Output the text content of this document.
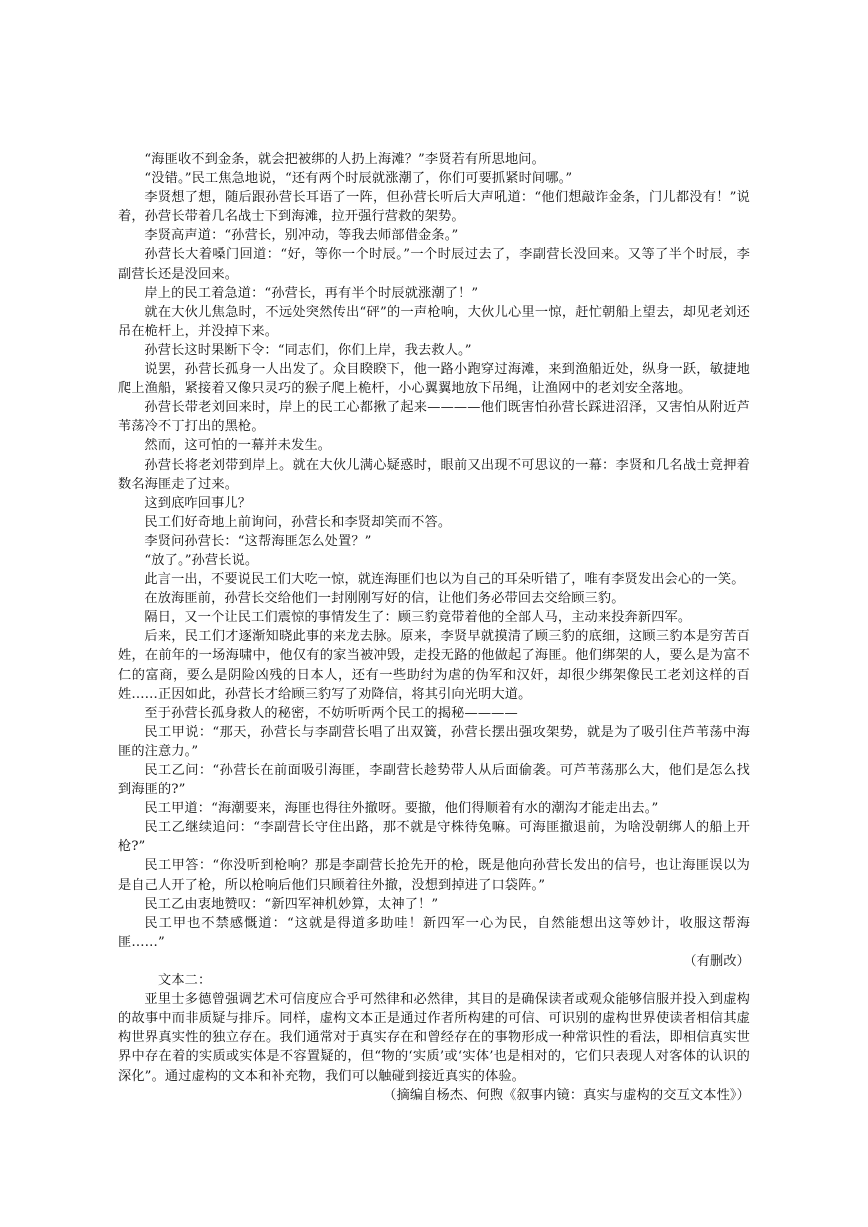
“海匪收不到金条，就会把被绑的人扔上海滩？”李贤若有所思地问。

“没错。”民工焦急地说，“还有两个时辰就涨潮了，你们可要抓紧时间哪。”

李贤想了想，随后跟孙营长耳语了一阵，但孙营长听后大声吼道：“他们想敲诈金条，门儿都没有！”说着，孙营长带着几名战士下到海滩，拉开强行营救的架势。

李贤高声道：“孙营长，别冲动，等我去师部借金条。”

孙营长大着嗓门回道：“好，等你一个时辰。”一个时辰过去了，李副营长没回来。又等了半个时辰，李副营长还是没回来。

岸上的民工着急道：“孙营长，再有半个时辰就涨潮了！”

就在大伙儿焦急时，不远处突然传出“砰”的一声枪响，大伙儿心里一惊，赶忙朝船上望去，却见老刘还吊在桅杆上，并没掉下来。

孙营长这时果断下令：“同志们，你们上岸，我去救人。”

说罢，孙营长孤身一人出发了。众目睽睽下，他一路小跑穿过海滩，来到渔船近处，纵身一跃，敏捷地爬上渔船，紧接着又像只灵巧的猴子爬上桅杆，小心翼翼地放下吊绳，让渔网中的老刘安全落地。

孙营长带老刘回来时，岸上的民工心都揪了起来————他们既害怕孙营长踩进沼泽，又害怕从附近芦苇荡冷不丁打出的黑枪。

然而，这可怕的一幕并未发生。

孙营长将老刘带到岸上。就在大伙儿满心疑惑时，眼前又出现不可思议的一幕：李贤和几名战士竟押着数名海匪走了过来。

这到底咋回事儿？

民工们好奇地上前询问，孙营长和李贤却笑而不答。

李贤问孙营长：“这帮海匪怎么处置？”

“放了。”孙营长说。

此言一出，不要说民工们大吃一惊，就连海匪们也以为自己的耳朵听错了，唯有李贤发出会心的一笑。

在放海匪前，孙营长交给他们一封刚刚写好的信，让他们务必带回去交给顾三豹。

隔日，又一个让民工们震惊的事情发生了：顾三豹竟带着他的全部人马，主动来投奔新四军。

后来，民工们才逐渐知晓此事的来龙去脉。原来，李贤早就摸清了顾三豹的底细，这顾三豹本是穷苦百姓，在前年的一场海啸中，他仅有的家当被冲毁，走投无路的他做起了海匪。他们绑架的人，要么是为富不仁的富商，要么是阴险凶残的日本人，还有一些助纣为虐的伪军和汉奸，却很少绑架像民工老刘这样的百姓……正因如此，孙营长才给顾三豹写了劝降信，将其引向光明大道。

至于孙营长孤身救人的秘密，不妨听听两个民工的揭秘————

民工甲说：“那天，孙营长与李副营长唱了出双簧，孙营长摆出强攻架势，就是为了吸引住芦苇荡中海匪的注意力。”

民工乙问：“孙营长在前面吸引海匪，李副营长趁势带人从后面偷袭。可芦苇荡那么大，他们是怎么找到海匪的?”

民工甲道：“海潮要来，海匪也得往外撤呀。要撤，他们得顺着有水的潮沟才能走出去。”

民工乙继续追问：“李副营长守住出路，那不就是守株待兔嘛。可海匪撤退前，为啥没朝绑人的船上开枪?”

民工甲答：“你没听到枪响？那是李副营长抢先开的枪，既是他向孙营长发出的信号，也让海匪误以为是自己人开了枪，所以枪响后他们只顾着往外撤，没想到掉进了口袋阵。”

民工乙由衷地赞叹：“新四军神机妙算，太神了！”

民工甲也不禁感慨道：“这就是得道多助哇！新四军一心为民，自然能想出这等妙计，收服这帮海匪……”

（有删改）

文本二：

亚里士多德曾强调艺术可信度应合乎可然律和必然律，其目的是确保读者或观众能够信服并投入到虚构的故事中而非质疑与排斥。同样，虚构文本正是通过作者所构建的可信、可识别的虚构世界使读者相信其虚构世界真实性的独立存在。我们通常对于真实存在和曾经存在的事物形成一种常识性的看法，即相信真实世界中存在着的实质或实体是不容置疑的，但“物的‘实质’或‘实体’也是相对的，它们只表现人对客体的认识的深化”。通过虚构的文本和补充物，我们可以触碰到接近真实的体验。

（摘编自杨杰、何煦《叙事内镜：真实与虚构的交互文本性》）
